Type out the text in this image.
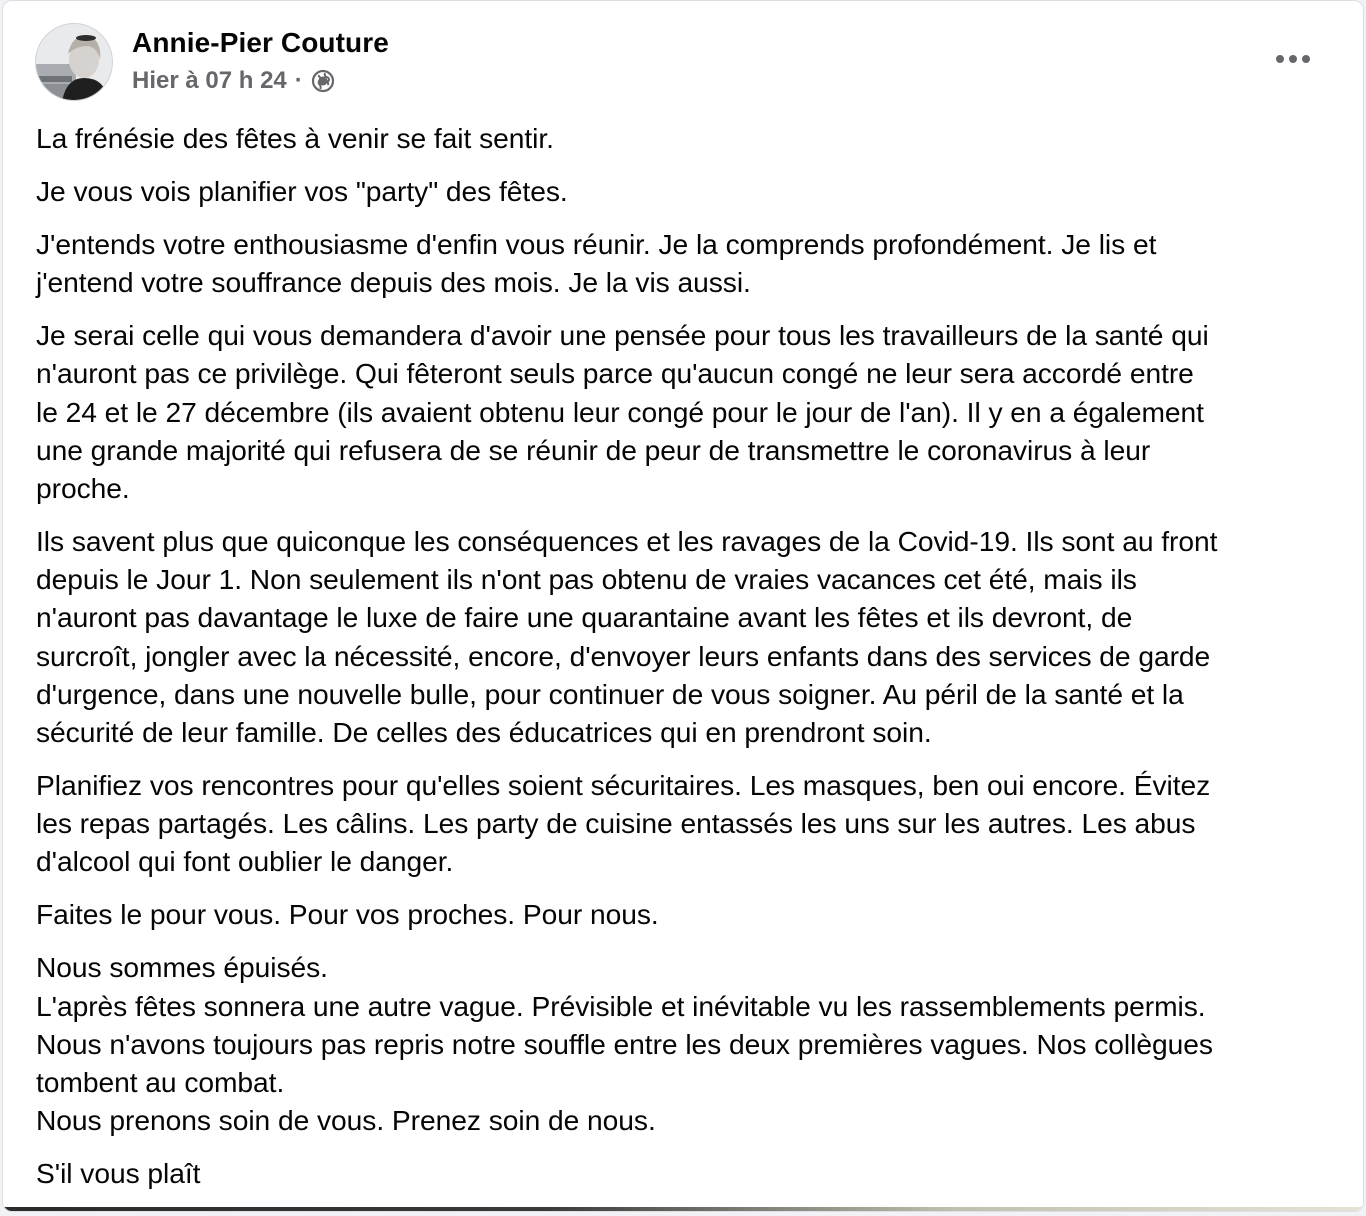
Annie-Pier Couture
Hier à 07 h 24 ·

La frénésie des fêtes à venir se fait sentir.

Je vous vois planifier vos "party" des fêtes.

J'entends votre enthousiasme d'enfin vous réunir. Je la comprends profondément. Je lis et
j'entend votre souffrance depuis des mois. Je la vis aussi.

Je serai celle qui vous demandera d'avoir une pensée pour tous les travailleurs de la santé qui
n'auront pas ce privilège. Qui fêteront seuls parce qu'aucun congé ne leur sera accordé entre
le 24 et le 27 décembre (ils avaient obtenu leur congé pour le jour de l'an). Il y en a également
une grande majorité qui refusera de se réunir de peur de transmettre le coronavirus à leur
proche.

Ils savent plus que quiconque les conséquences et les ravages de la Covid-19. Ils sont au front
depuis le Jour 1. Non seulement ils n'ont pas obtenu de vraies vacances cet été, mais ils
n'auront pas davantage le luxe de faire une quarantaine avant les fêtes et ils devront, de
surcroît, jongler avec la nécessité, encore, d'envoyer leurs enfants dans des services de garde
d'urgence, dans une nouvelle bulle, pour continuer de vous soigner. Au péril de la santé et la
sécurité de leur famille. De celles des éducatrices qui en prendront soin.

Planifiez vos rencontres pour qu'elles soient sécuritaires. Les masques, ben oui encore. Évitez
les repas partagés. Les câlins. Les party de cuisine entassés les uns sur les autres. Les abus
d'alcool qui font oublier le danger.

Faites le pour vous. Pour vos proches. Pour nous.

Nous sommes épuisés.
L'après fêtes sonnera une autre vague. Prévisible et inévitable vu les rassemblements permis.
Nous n'avons toujours pas repris notre souffle entre les deux premières vagues. Nos collègues
tombent au combat.
Nous prenons soin de vous. Prenez soin de nous.

S'il vous plaît
